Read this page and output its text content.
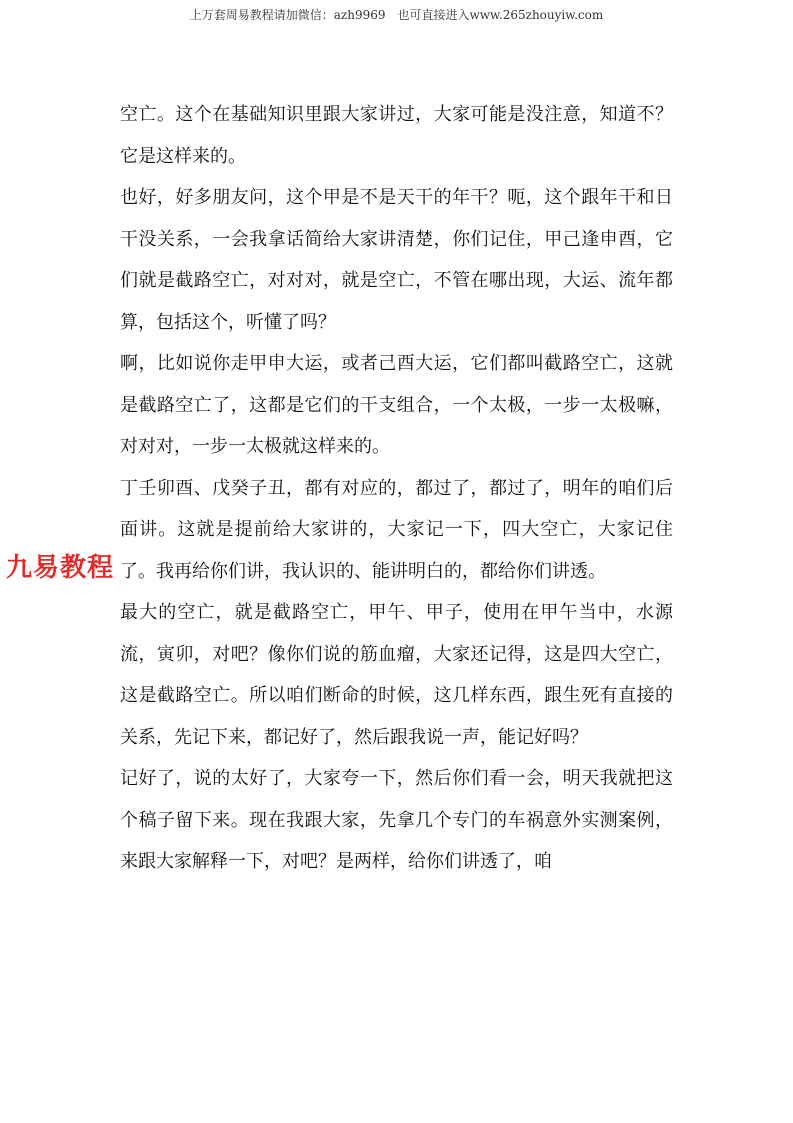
上万套周易教程请加微信：azh9969　也可直接进入www.265zhouyiw.com
九易教程

空亡。这个在基础知识里跟大家讲过，大家可能是没注意，知道不？它是这样来的。

也好，好多朋友问，这个甲是不是天干的年干？呃，这个跟年干和日干没关系，一会我拿话简给大家讲清楚，你们记住，甲己逢申酉，它们就是截路空亡，对对对，就是空亡，不管在哪出现，大运、流年都算，包括这个，听懂了吗？

啊，比如说你走甲申大运，或者己酉大运，它们都叫截路空亡，这就是截路空亡了，这都是它们的干支组合，一个太极，一步一太极嘛，对对对，一步一太极就这样来的。

丁壬卯酉、戊癸子丑，都有对应的，都过了，都过了，明年的咱们后面讲。这就是提前给大家讲的，大家记一下，四大空亡，大家记住了。我再给你们讲，我认识的、能讲明白的，都给你们讲透。

最大的空亡，就是截路空亡，甲午、甲子，使用在甲午当中，水源流，寅卯，对吧？像你们说的筋血瘤，大家还记得，这是四大空亡，这是截路空亡。所以咱们断命的时候，这几样东西，跟生死有直接的关系，先记下来，都记好了，然后跟我说一声，能记好吗？

记好了，说的太好了，大家夸一下，然后你们看一会，明天我就把这个稿子留下来。现在我跟大家，先拿几个专门的车祸意外实测案例，来跟大家解释一下，对吧？是两样，给你们讲透了，咱
